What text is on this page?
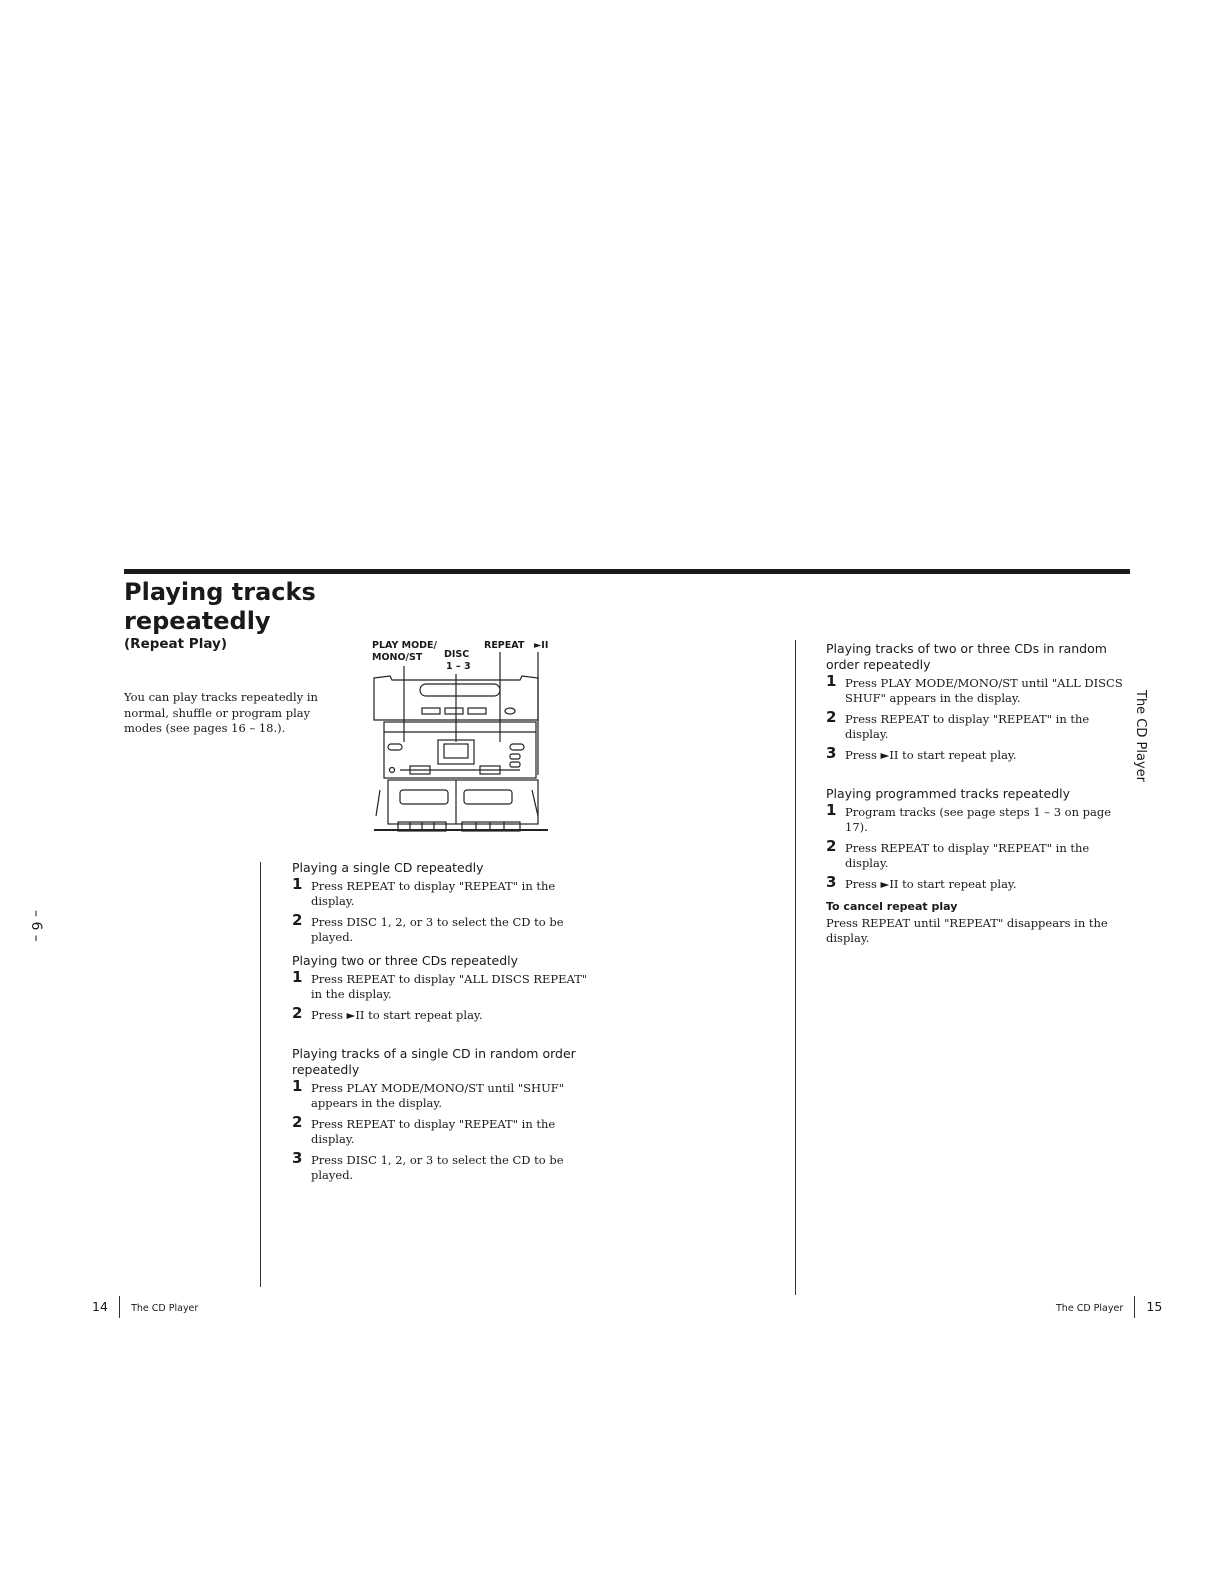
Playing tracks
repeatedly
(Repeat Play)
You can play tracks repeatedly in normal, shuffle or program play modes (see pages 16 – 18.).
PLAY MODE/
MONO/ST DISC
1 – 3
REPEAT ►II
Playing a single CD repeatedly
1 Press REPEAT to display "REPEAT" in the display.
2 Press DISC 1, 2, or 3 to select the CD to be played.
Playing two or three CDs repeatedly
1 Press REPEAT to display "ALL DISCS REPEAT" in the display.
2 Press ►II to start repeat play.
Playing tracks of a single CD in random order repeatedly
1 Press PLAY MODE/MONO/ST until "SHUF" appears in the display.
2 Press REPEAT to display "REPEAT" in the display.
3 Press DISC 1, 2, or 3 to select the CD to be played.
Playing tracks of two or three CDs in random order repeatedly
1 Press PLAY MODE/MONO/ST until "ALL DISCS SHUF" appears in the display.
2 Press REPEAT to display "REPEAT" in the display.
3 Press ►II to start repeat play.
Playing programmed tracks repeatedly
1 Program tracks (see page steps 1 – 3 on page 17).
2 Press REPEAT to display "REPEAT" in the display.
3 Press ►II to start repeat play.
To cancel repeat play

Press REPEAT until "REPEAT" disappears in the display.

The CD Player
– 6 –
14 The CD Player	The CD Player 15
